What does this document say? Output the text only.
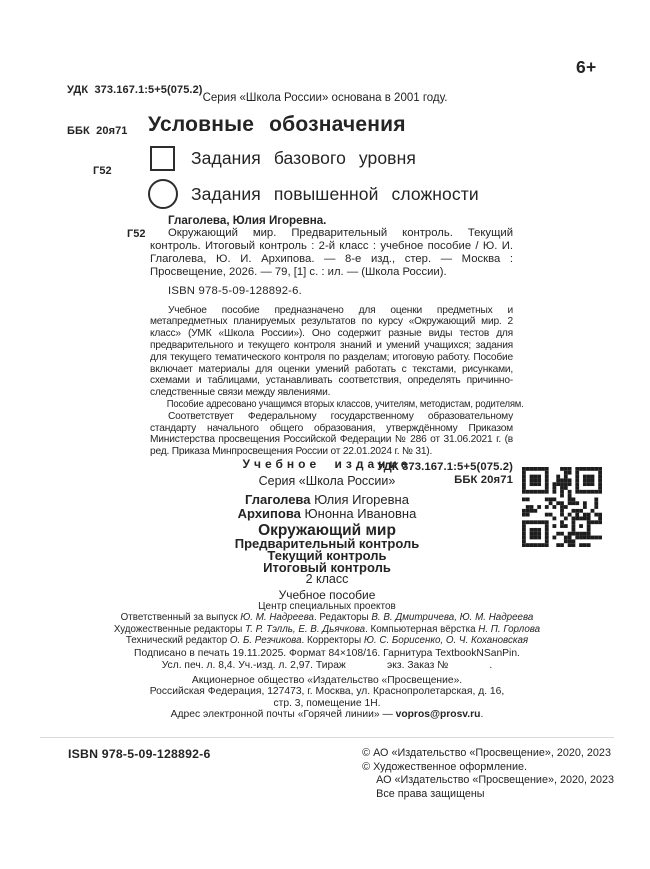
УДК  373.167.1:5+5(075.2)

ББК  20я71

Г52

6+
Серия «Школа России» основана в 2001 году.
Условные обозначения
Задания базового уровня
Задания повышенной сложности
Г52

Глаголева, Юлия Игоревна.

Окружающий мир. Предварительный контроль. Текущий контроль. Итоговый контроль : 2-й класс : учебное пособие / Ю. И. Глаголева, Ю. И. Архипова. — 8-е изд., стер. — Москва : Просвещение, 2026. — 79, [1] с. : ил. — (Школа России).

ISBN 978-5-09-128892-6.

Учебное пособие предназначено для оценки предметных и метапредметных планируемых результатов по курсу «Окружающий мир. 2 класс» (УМК «Школа России»). Оно содержит разные виды тестов для предварительного и текущего контроля знаний и умений учащихся; задания для текущего тематического контроля по разделам; итоговую работу. Пособие включает материалы для оценки умений работать с текстами, рисунками, схемами и таблицами, устанавливать соответствия, определять причинно-следственные связи между явлениями.

Пособие адресовано учащимся вторых классов, учителям, методистам, родителям.

Соответствует Федеральному государственному образовательному стандарту начального общего образования, утверждённому Приказом Министерства просвещения Российской Федерации № 286 от 31.06.2021 г. (в ред. Приказа Минпросвещения России от 22.01.2024 г. № 31).

УДК 373.167.1:5+5(075.2)
ББК 20я71
Учебное издание
Серия «Школа России»
Глаголева Юлия Игоревна
Архипова Юнонна Ивановна
Окружающий мир
Предварительный контроль
Текущий контроль
Итоговый контроль
2 класс
Учебное пособие
Центр специальных проектов
Ответственный за выпуск Ю. М. Надреева. Редакторы В. В. Дмитричева, Ю. М. Надреева
Художественные редакторы Т. Р. Тэлль, Е. В. Дьячкова. Компьютерная вёрстка Н. П. Горлова
Технический редактор О. Б. Резчикова. Корректоры Ю. С. Борисенко, О. Ч. Кохановская
Подписано в печать 19.11.2025. Формат 84×108/16. Гарнитура TextbookNSanPin.
Усл. печ. л. 8,4. Уч.-изд. л. 2,97. Тираж    экз. Заказ №    .
Акционерное общество «Издательство «Просвещение».
Российская Федерация, 127473, г. Москва, ул. Краснопролетарская, д. 16,
стр. 3, помещение 1Н.
Адрес электронной почты «Горячей линии» — vopros@prosv.ru.
ISBN 978-5-09-128892-6	© АО «Издательство «Просвещение», 2020, 2023
© Художественное оформление.
АО «Издательство «Просвещение», 2020, 2023
Все права защищены
